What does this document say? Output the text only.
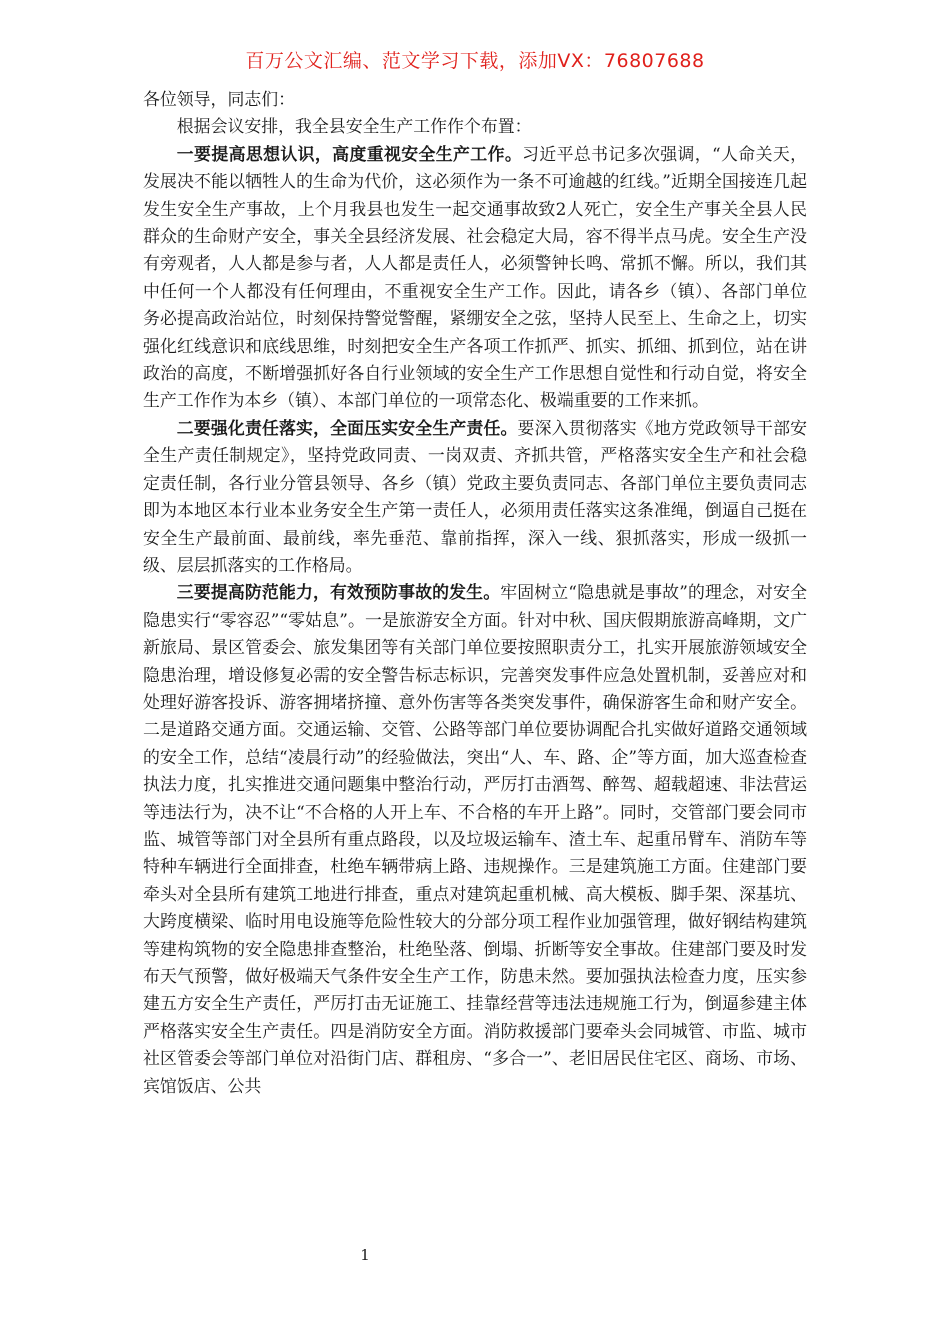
百万公文汇编、范文学习下载，添加VX：76807688

各位领导，同志们：

根据会议安排，我全县安全生产工作作个布置：

一要提高思想认识，高度重视安全生产工作。习近平总书记多次强调，“人命关天，发展决不能以牺牲人的生命为代价，这必须作为一条不可逾越的红线。”近期全国接连几起发生安全生产事故，上个月我县也发生一起交通事故致2人死亡，安全生产事关全县人民群众的生命财产安全，事关全县经济发展、社会稳定大局，容不得半点马虎。安全生产没有旁观者，人人都是参与者，人人都是责任人，必须警钟长鸣、常抓不懈。所以，我们其中任何一个人都没有任何理由，不重视安全生产工作。因此，请各乡（镇）、各部门单位务必提高政治站位，时刻保持警觉警醒，紧绷安全之弦，坚持人民至上、生命之上，切实强化红线意识和底线思维，时刻把安全生产各项工作抓严、抓实、抓细、抓到位，站在讲政治的高度，不断增强抓好各自行业领域的安全生产工作思想自觉性和行动自觉，将安全生产工作作为本乡（镇）、本部门单位的一项常态化、极端重要的工作来抓。

二要强化责任落实，全面压实安全生产责任。要深入贯彻落实《地方党政领导干部安全生产责任制规定》，坚持党政同责、一岗双责、齐抓共管，严格落实安全生产和社会稳定责任制，各行业分管县领导、各乡（镇）党政主要负责同志、各部门单位主要负责同志即为本地区本行业本业务安全生产第一责任人，必须用责任落实这条准绳，倒逼自己挺在安全生产最前面、最前线，率先垂范、靠前指挥，深入一线、狠抓落实，形成一级抓一级、层层抓落实的工作格局。

三要提高防范能力，有效预防事故的发生。牢固树立“隐患就是事故”的理念，对安全隐患实行“零容忍”“零姑息”。一是旅游安全方面。针对中秋、国庆假期旅游高峰期，文广新旅局、景区管委会、旅发集团等有关部门单位要按照职责分工，扎实开展旅游领域安全隐患治理，增设修复必需的安全警告标志标识，完善突发事件应急处置机制，妥善应对和处理好游客投诉、游客拥堵挤撞、意外伤害等各类突发事件，确保游客生命和财产安全。二是道路交通方面。交通运输、交管、公路等部门单位要协调配合扎实做好道路交通领域的安全工作，总结“凌晨行动”的经验做法，突出“人、车、路、企”等方面，加大巡查检查执法力度，扎实推进交通问题集中整治行动，严厉打击酒驾、醉驾、超载超速、非法营运等违法行为，决不让“不合格的人开上车、不合格的车开上路”。同时，交管部门要会同市监、城管等部门对全县所有重点路段，以及垃圾运输车、渣土车、起重吊臂车、消防车等特种车辆进行全面排查，杜绝车辆带病上路、违规操作。三是建筑施工方面。住建部门要牵头对全县所有建筑工地进行排查，重点对建筑起重机械、高大模板、脚手架、深基坑、大跨度横梁、临时用电设施等危险性较大的分部分项工程作业加强管理，做好钢结构建筑等建构筑物的安全隐患排查整治，杜绝坠落、倒塌、折断等安全事故。住建部门要及时发布天气预警，做好极端天气条件安全生产工作，防患未然。要加强执法检查力度，压实参建五方安全生产责任，严厉打击无证施工、挂靠经营等违法违规施工行为，倒逼参建主体严格落实安全生产责任。四是消防安全方面。消防救援部门要牵头会同城管、市监、城市社区管委会等部门单位对沿街门店、群租房、“多合一”、老旧居民住宅区、商场、市场、宾馆饭店、公共

1
